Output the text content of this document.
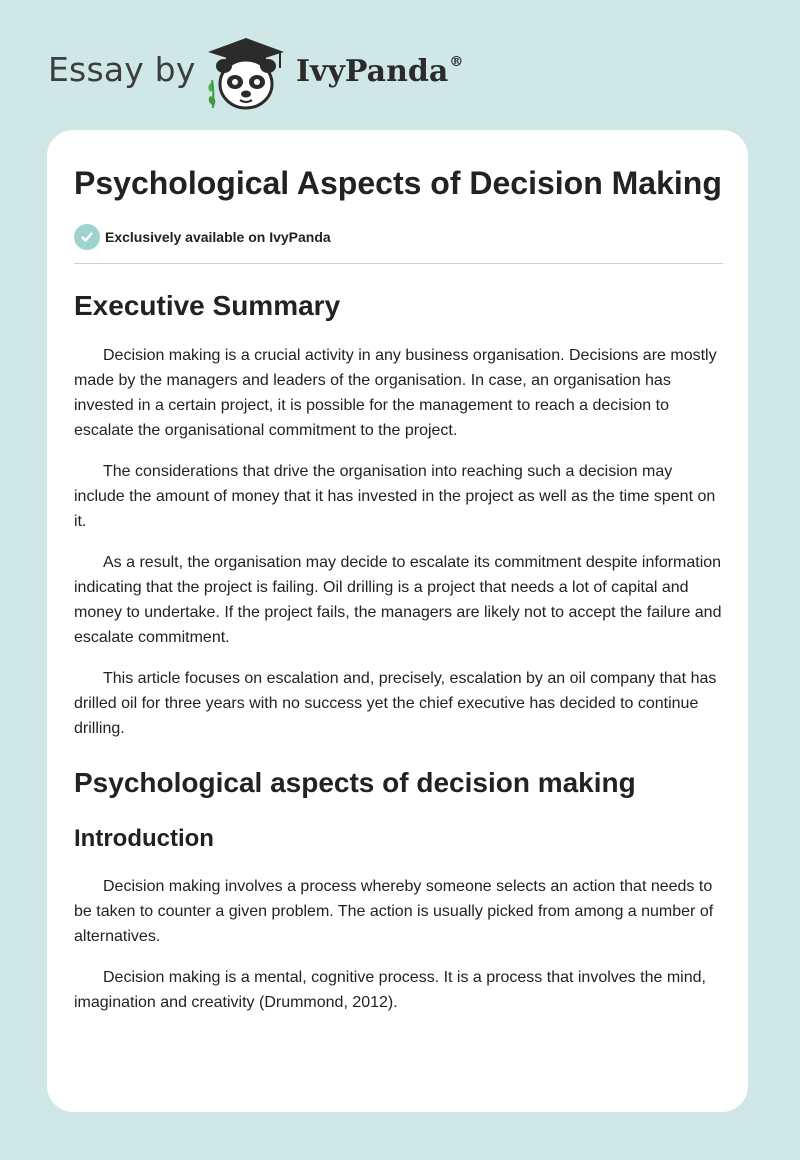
Essay by	IvyPanda®
Psychological Aspects of Decision Making
Exclusively available on IvyPanda
Executive Summary

Decision making is a crucial activity in any business organisation. Decisions are mostly made by the managers and leaders of the organisation. In case, an organisation has invested in a certain project, it is possible for the management to reach a decision to escalate the organisational commitment to the project.

The considerations that drive the organisation into reaching such a decision may include the amount of money that it has invested in the project as well as the time spent on it.

As a result, the organisation may decide to escalate its commitment despite information indicating that the project is failing. Oil drilling is a project that needs a lot of capital and money to undertake. If the project fails, the managers are likely not to accept the failure and escalate commitment.

This article focuses on escalation and, precisely, escalation by an oil company that has drilled oil for three years with no success yet the chief executive has decided to continue drilling.

Psychological aspects of decision making
Introduction

Decision making involves a process whereby someone selects an action that needs to be taken to counter a given problem. The action is usually picked from among a number of alternatives.

Decision making is a mental, cognitive process. It is a process that involves the mind, imagination and creativity (Drummond, 2012).
